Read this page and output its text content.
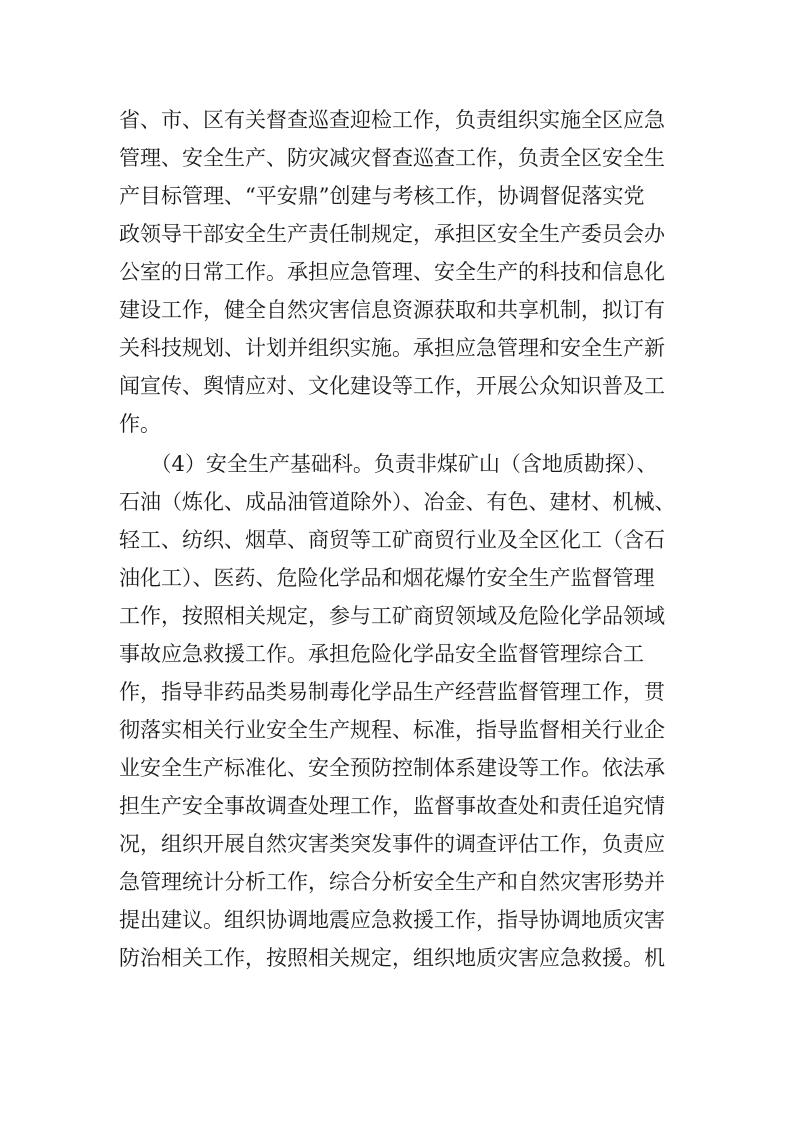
省、市、区有关督查巡查迎检工作，负责组织实施全区应急
管理、安全生产、防灾减灾督查巡查工作，负责全区安全生
产目标管理、“平安鼎”创建与考核工作，协调督促落实党
政领导干部安全生产责任制规定，承担区安全生产委员会办
公室的日常工作。承担应急管理、安全生产的科技和信息化
建设工作，健全自然灾害信息资源获取和共享机制，拟订有
关科技规划、计划并组织实施。承担应急管理和安全生产新
闻宣传、舆情应对、文化建设等工作，开展公众知识普及工
作。
　　（4）安全生产基础科。负责非煤矿山（含地质勘探）、
石油（炼化、成品油管道除外）、冶金、有色、建材、机械、
轻工、纺织、烟草、商贸等工矿商贸行业及全区化工（含石
油化工）、医药、危险化学品和烟花爆竹安全生产监督管理
工作，按照相关规定，参与工矿商贸领域及危险化学品领域
事故应急救援工作。承担危险化学品安全监督管理综合工
作，指导非药品类易制毒化学品生产经营监督管理工作，贯
彻落实相关行业安全生产规程、标准，指导监督相关行业企
业安全生产标准化、安全预防控制体系建设等工作。依法承
担生产安全事故调查处理工作，监督事故查处和责任追究情
况，组织开展自然灾害类突发事件的调查评估工作，负责应
急管理统计分析工作，综合分析安全生产和自然灾害形势并
提出建议。组织协调地震应急救援工作，指导协调地质灾害
防治相关工作，按照相关规定，组织地质灾害应急救援。机
